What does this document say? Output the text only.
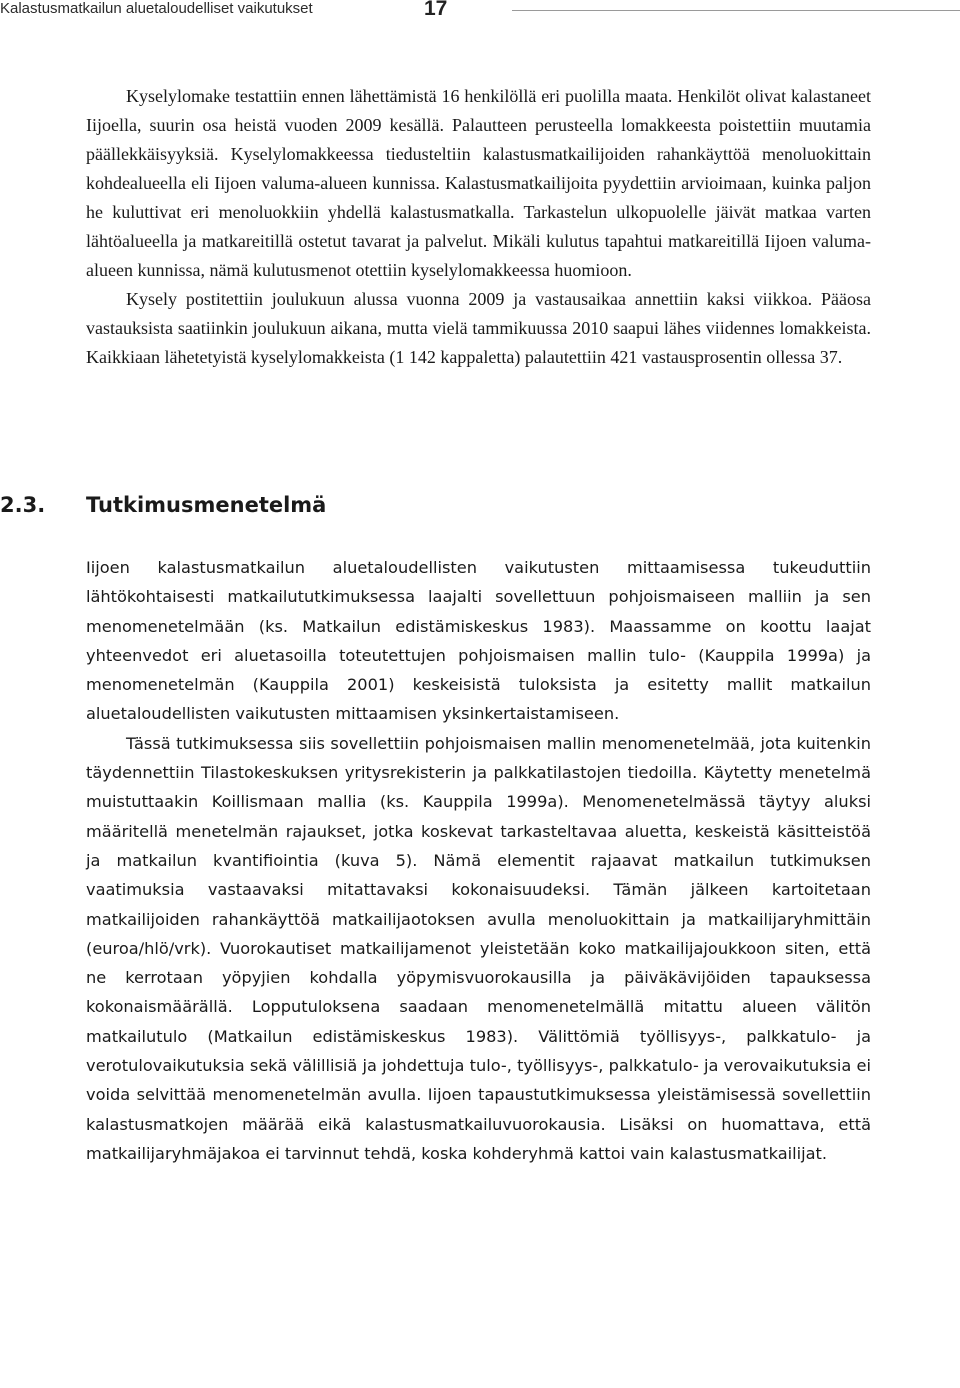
Kalastusmatkailun aluetaloudelliset vaikutukset	17

Kyselylomake testattiin ennen lähettämistä 16 henkilöllä eri puolilla maata. Henkilöt olivat kalastaneet Iijoella, suurin osa heistä vuoden 2009 kesällä. Palautteen perusteella lomakkeesta poistettiin muutamia päällekkäisyyksiä. Kyselylomakkeessa tiedusteltiin kalastusmatkailijoiden rahankäyttöä menoluokittain kohdealueella eli Iijoen valuma-alueen kunnissa. Kalastusmatkailijoita pyydettiin arvioimaan, kuinka paljon he kuluttivat eri menoluokkiin yhdellä kalastusmatkalla. Tarkastelun ulkopuolelle jäivät matkaa varten lähtöalueella ja matkareitillä ostetut tavarat ja palvelut. Mikäli kulutus tapahtui matkareitillä Iijoen valuma-alueen kunnissa, nämä kulutusmenot otettiin kyselylomakkeessa huomioon.

Kysely postitettiin joulukuun alussa vuonna 2009 ja vastausaikaa annettiin kaksi viikkoa. Pääosa vastauksista saatiinkin joulukuun aikana, mutta vielä tammikuussa 2010 saapui lähes viidennes lomakkeista. Kaikkiaan lähetetyistä kyselylomakkeista (1 142 kappaletta) palautettiin 421 vastausprosentin ollessa 37.

2.3. Tutkimusmenetelmä

Iijoen kalastusmatkailun aluetaloudellisten vaikutusten mittaamisessa tukeuduttiin lähtökohtaisesti matkailututkimuksessa laajalti sovellettuun pohjoismaiseen malliin ja sen menomenetelmään (ks. Matkailun edistämiskeskus 1983). Maassamme on koottu laajat yhteenvedot eri aluetasoilla toteutettujen pohjoismaisen mallin tulo- (Kauppila 1999a) ja menomenetelmän (Kauppila 2001) keskeisistä tuloksista ja esitetty mallit matkailun aluetaloudellisten vaikutusten mittaamisen yksinkertaistamiseen.

Tässä tutkimuksessa siis sovellettiin pohjoismaisen mallin menomenetelmää, jota kuitenkin täydennettiin Tilastokeskuksen yritysrekisterin ja palkkatilastojen tiedoilla. Käytetty menetelmä muistuttaakin Koillismaan mallia (ks. Kauppila 1999a). Menomenetelmässä täytyy aluksi määritellä menetelmän rajaukset, jotka koskevat tarkasteltavaa aluetta, keskeistä käsitteistöä ja matkailun kvantifiointia (kuva 5). Nämä elementit rajaavat matkailun tutkimuksen vaatimuksia vastaavaksi mitattavaksi kokonaisuudeksi. Tämän jälkeen kartoitetaan matkailijoiden rahankäyttöä matkailijaotoksen avulla menoluokittain ja matkailijaryhmittäin (euroa/hlö/vrk). Vuorokautiset matkailijamenot yleistetään koko matkailijajoukkoon siten, että ne kerrotaan yöpyjien kohdalla yöpymisvuorokausilla ja päiväkävijöiden tapauksessa kokonaismäärällä. Lopputuloksena saadaan menomenetelmällä mitattu alueen välitön matkailutulo (Matkailun edistämiskeskus 1983). Välittömiä työllisyys-, palkkatulo- ja verotulovaikutuksia sekä välillisiä ja johdettuja tulo-, työllisyys-, palkkatulo- ja verovaikutuksia ei voida selvittää menomenetelmän avulla. Iijoen tapaustutkimuksessa yleistämisessä sovellettiin kalastusmatkojen määrää eikä kalastusmatkailuvuorokausia. Lisäksi on huomattava, että matkailijaryhmäjakoa ei tarvinnut tehdä, koska kohderyhmä kattoi vain kalastusmatkailijat.
